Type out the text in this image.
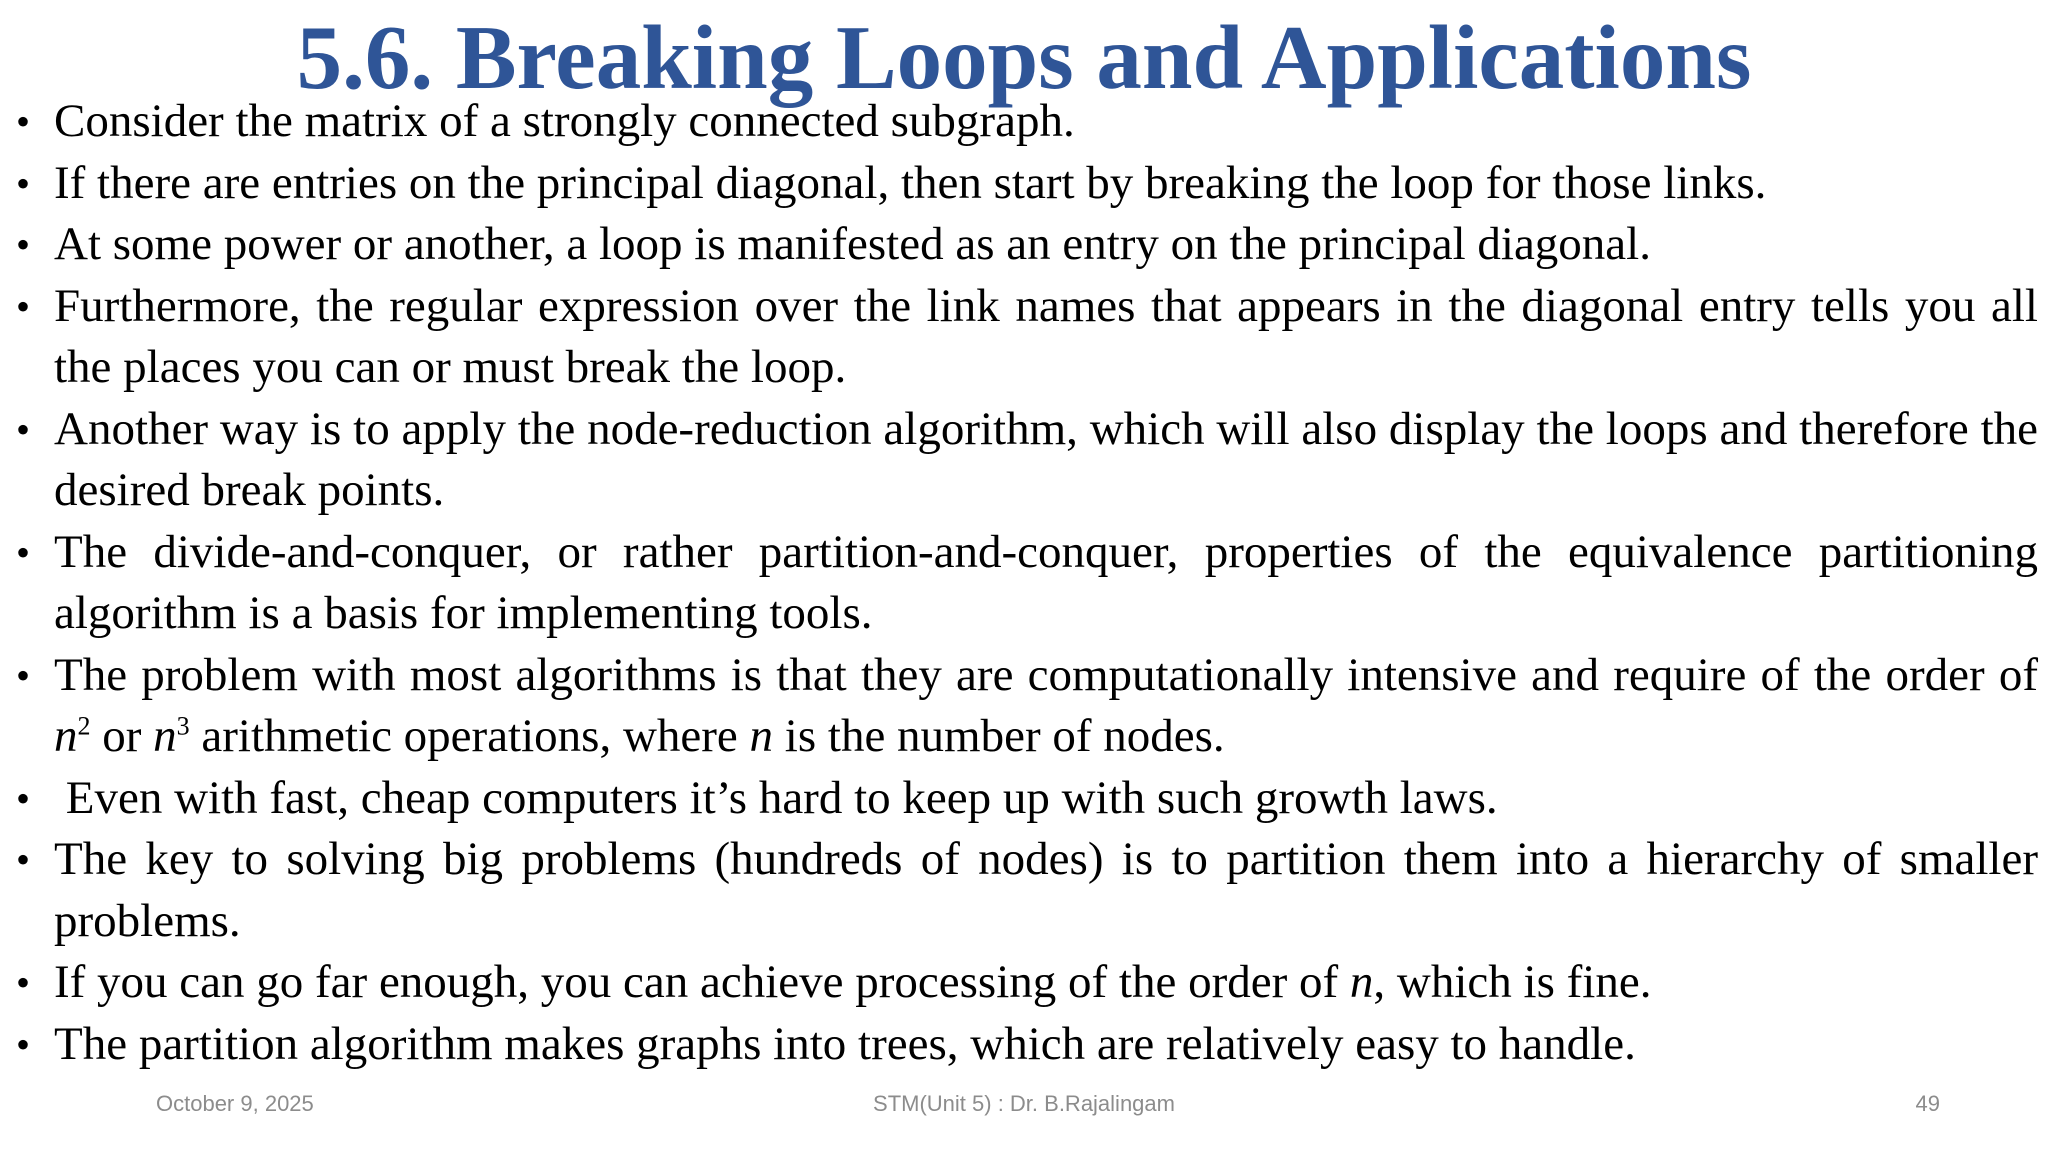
5.6. Breaking Loops and Applications
• Consider the matrix of a strongly connected subgraph.
• If there are entries on the principal diagonal, then start by breaking the loop for those links.
• At some power or another, a loop is manifested as an entry on the principal diagonal.
• Furthermore, the regular expression over the link names that appears in the diagonal entry tells you all the places you can or must break the loop.
• Another way is to apply the node-reduction algorithm, which will also display the loops and therefore the desired break points.
• The divide-and-conquer, or rather partition-and-conquer, properties of the equivalence partitioning algorithm is a basis for implementing tools.
• The problem with most algorithms is that they are computationally intensive and require of the order of $n^2$ or $n^3$ arithmetic operations, where n is the number of nodes.
• Even with fast, cheap computers it’s hard to keep up with such growth laws.
• The key to solving big problems (hundreds of nodes) is to partition them into a hierarchy of smaller problems.
• If you can go far enough, you can achieve processing of the order of n, which is fine.
• The partition algorithm makes graphs into trees, which are relatively easy to handle.
October 9, 2025	STM(Unit 5) : Dr. B.Rajalingam	49
